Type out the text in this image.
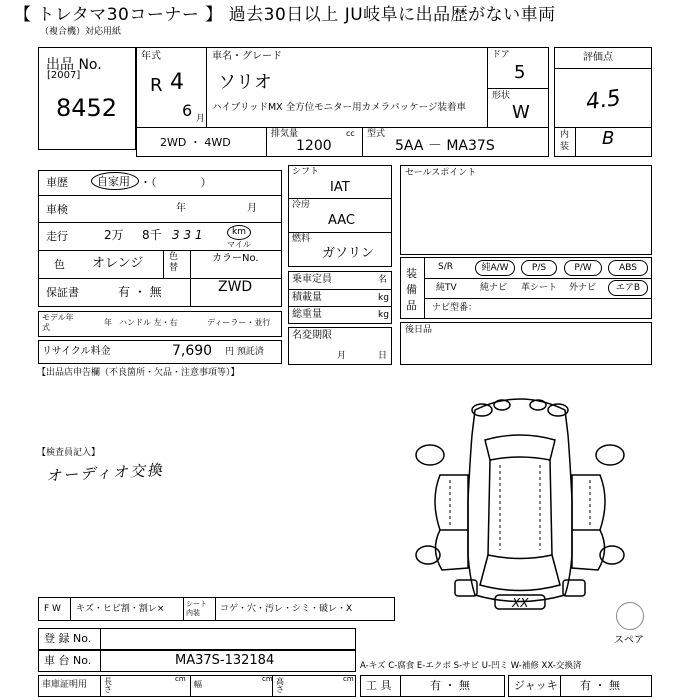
【 トレタマ30コーナー 】 過去30日以上 JU岐阜に出品歴がない車両
（複合機）対応用紙
出品 No.
[2007]
8452
年式
R 4
6 月
車名・グレード
ソリオ
ハイブリッドMX 全方位モニター用カメラパッケージ装着車
ドア
5
形状
W
2WD ・ 4WD
排気量	cc
1200
型式
5AA － MA37S
評価点
4.5
内装 B
車歴	自家用 ・（　　　　）
車検	年	月
走行	2万 8千 3 3 1	km
マイル
色 オレンジ	色替
カラーNo.
ZWD
保証書	有 ・ 無
モデル年式
年 ハンドル 左・右	ディーラー・並行
リサイクル料金	7,690 円 預託済
シフト
IAT
冷房
AAC
燃料
ガソリン
乗車定員	名
積載量	kg
総重量	kg
名変期限
月	日
セールスポイント
装備品
S/R	純A/W	P/S	P/W	ABS
純TV	純ナビ 革シート 外ナビ	エアB
ナビ型番：
後日品
【出品店申告欄（不良箇所・欠品・注意事項等）】
【検査員記入】
オーディオ交換
XX
スペア
F W キズ・ヒビ割・割レ×	シート内装	コゲ・穴・汚レ・シミ・破レ・X
登 録 No.
車 台 No.	MA37S-132184
車庫証明用 長さ
cm
幅
cm 高さ
cm
A-キズ C-腐食 E-エクボ S-サビ U-凹ミ W-補修 XX-交換済
工 具	有 ・ 無	ジャッキ 有 ・ 無
